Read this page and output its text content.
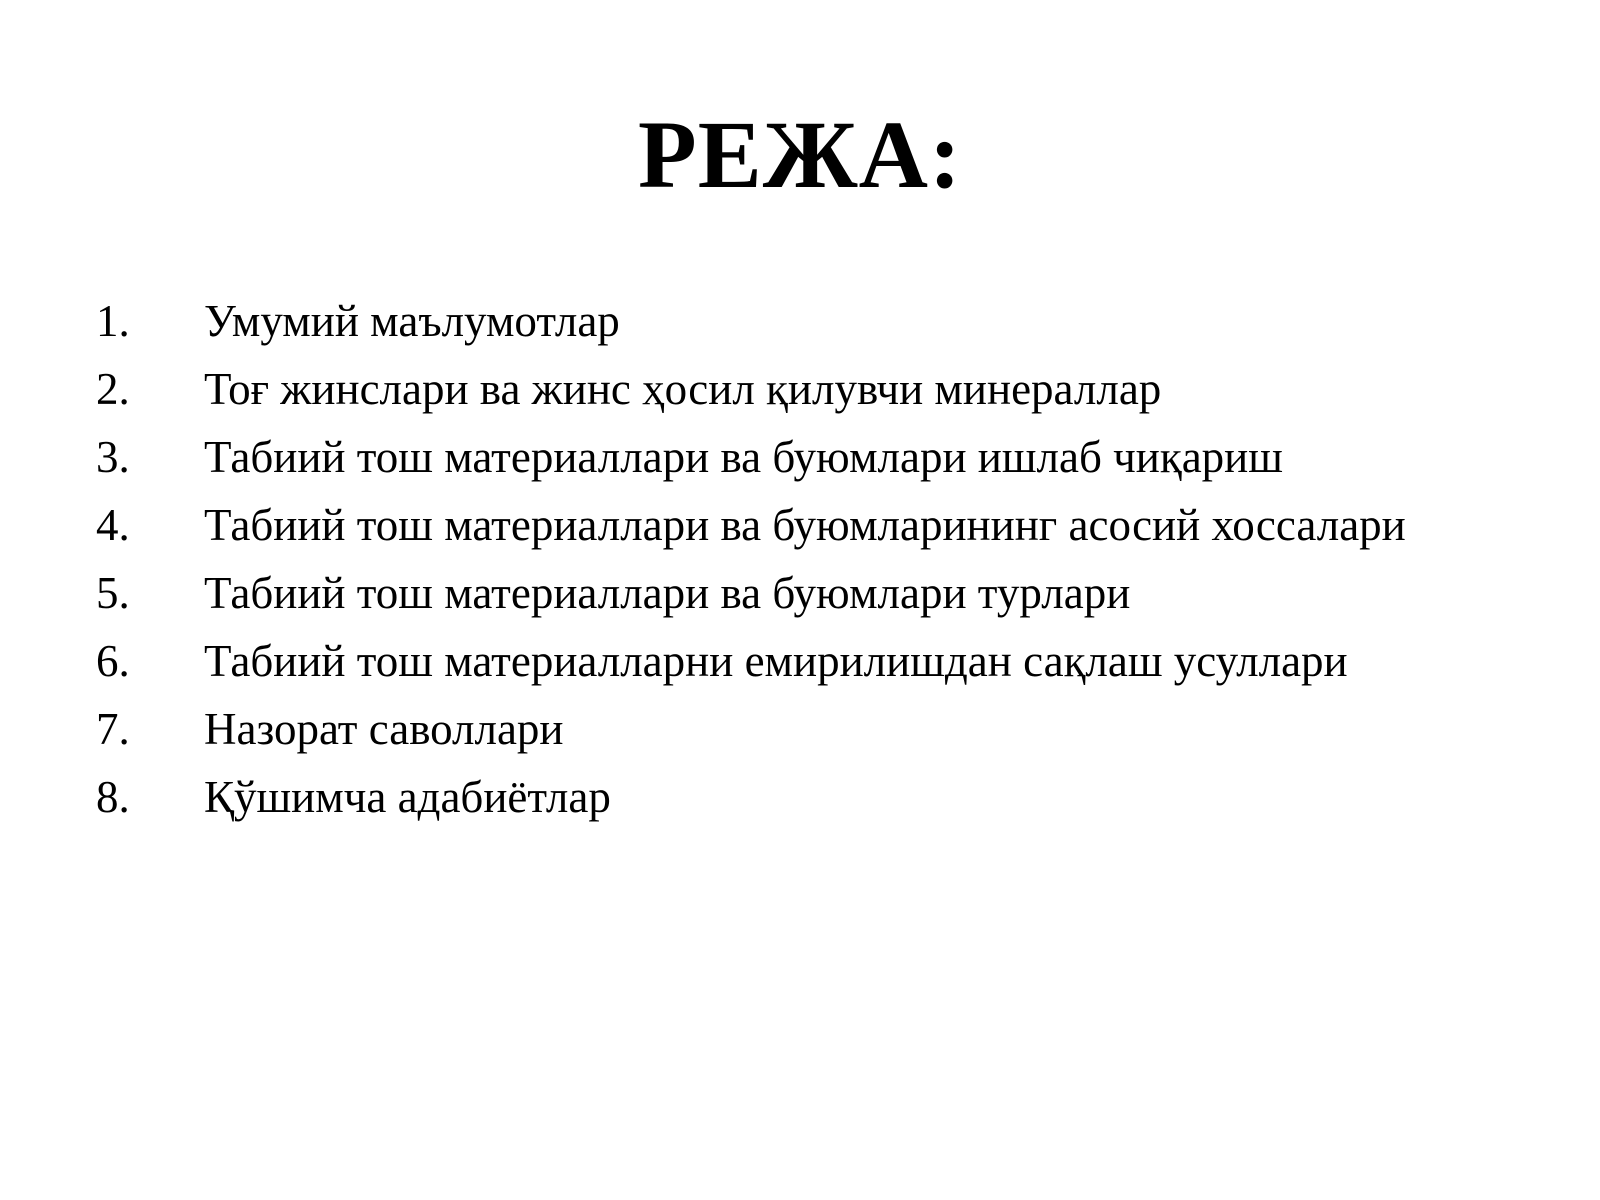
РЕЖА:
1.	Умумий маълумотлар
2.	Тоғ жинслари ва жинс ҳосил қилувчи минераллар
3.	Табиий тош материаллари ва буюмлари ишлаб чиқариш
4.	Табиий тош материаллари ва буюмларининг асосий хоссалари
5.	Табиий тош материаллари ва буюмлари турлари
6.	Табиий тош материалларни емирилишдан сақлаш усуллари
7.	Назорат саволлари
8.	Қўшимча адабиётлар
